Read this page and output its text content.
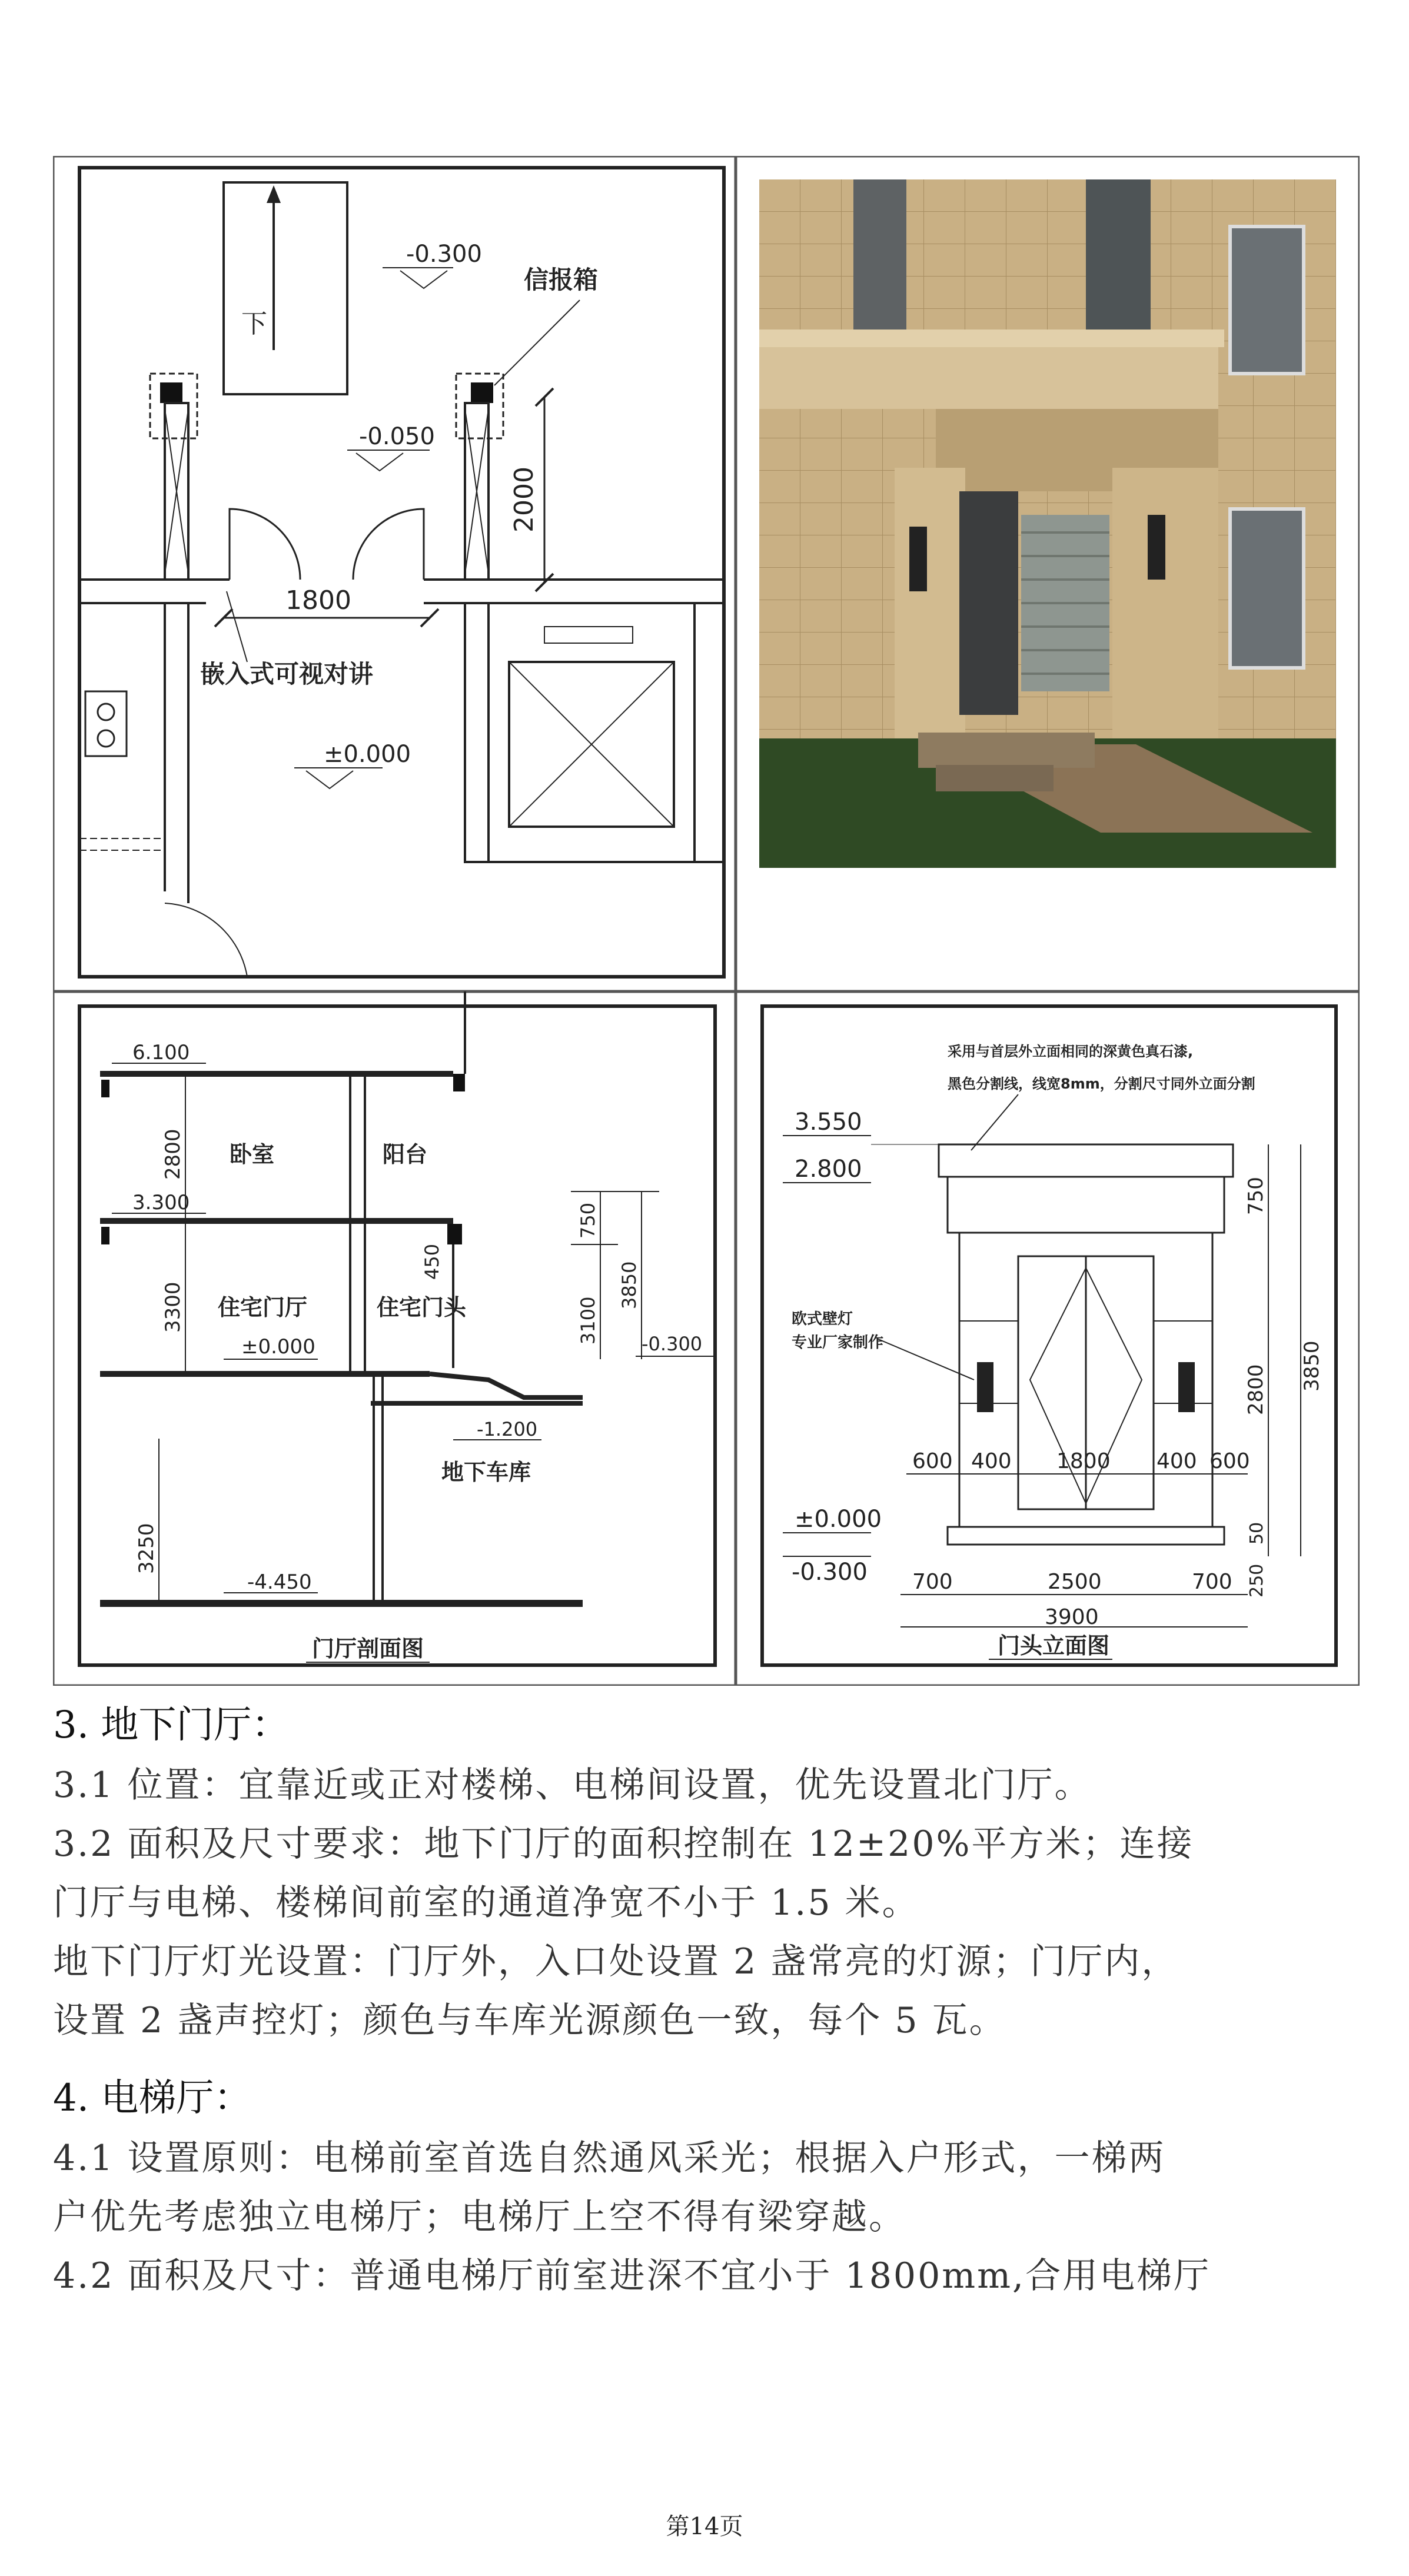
下
1800
2000
-0.300
-0.050
±0.000
信报箱
嵌入式可视对讲
6.100
3.300
2800
3300
3250
卧室	阳台
住宅门厅	住宅门头
450
±0.000
750
3850
3100 -0.300
-1.200
地下车库
-4.450
门厅剖面图
采用与首层外立面相同的深黄色真石漆,
黑色分割线，线宽8mm，分割尺寸同外立面分割
欧式壁灯
专业厂家制作
3.550
2.800
±0.000
-0.300
600 400 1800 400 600
700	2500	700
3900
750
2800 3850
50
250
门头立面图
3. 地下门厅：

3.1 位置：宜靠近或正对楼梯、电梯间设置，优先设置北门厅。

3.2 面积及尺寸要求：地下门厅的面积控制在 12±20%平方米；连接
门厅与电梯、楼梯间前室的通道净宽不小于 1.5 米。

地下门厅灯光设置：门厅外，入口处设置 2 盏常亮的灯源；门厅内，
设置 2 盏声控灯；颜色与车库光源颜色一致，每个 5 瓦。

4. 电梯厅：

4.1 设置原则：电梯前室首选自然通风采光；根据入户形式，一梯两
户优先考虑独立电梯厅；电梯厅上空不得有梁穿越。

4.2 面积及尺寸：普通电梯厅前室进深不宜小于 1800mm,合用电梯厅

第14页
